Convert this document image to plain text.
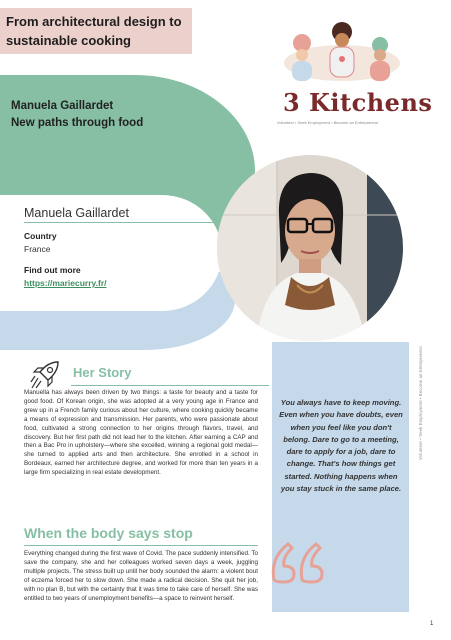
From architectural design to sustainable cooking
Manuela Gaillardet
New paths through food
Manuela Gaillardet
Country
France
Find out more
https://mariecurry.fr/
3 Kitchens
Volunteer • Seek Employment • Become an Entrepreneur
You always have to keep moving. Even when you have doubts, even when you feel like you don't belong. Dare to go to a meeting, dare to apply for a job, dare to change. That's how things get started. Nothing happens when you stay stuck in the same place.
Volunteer • Seek Employment • Become an Entrepreneur
1
Her Story
Manuella has always been driven by two things: a taste for beauty and a taste for good food. Of Korean origin, she was adopted at a very young age in France and grew up in a French family curious about her culture, where cooking quickly became a means of expression and transmission. Her parents, who were passionate about food, cultivated a strong connection to her origins through flavors, travel, and discovery. But her first path did not lead her to the kitchen. After earning a CAP and then a Bac Pro in upholstery—where she excelled, winning a regional gold medal—she turned to applied arts and then architecture. She enrolled in a school in Bordeaux, earned her architecture degree, and worked for more than ten years in a large firm specializing in real estate development.
When the body says stop
Everything changed during the first wave of Covid. The pace suddenly intensified. To save the company, she and her colleagues worked seven days a week, juggling multiple projects. The stress built up until her body sounded the alarm: a violent bout of eczema forced her to slow down. She made a radical decision. She quit her job, with no plan B, but with the certainty that it was time to take care of herself. She was entitled to two years of unemployment benefits—a space to reinvent herself.
